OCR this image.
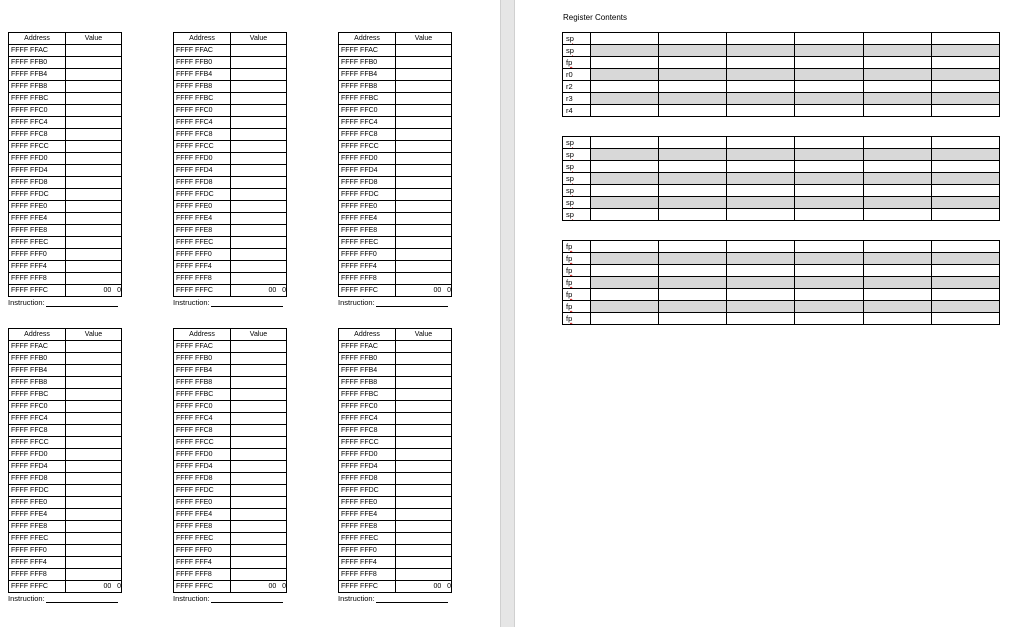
Address	Value
FFFF FFAC	
FFFF FFB0	
FFFF FFB4	
FFFF FFB8	
FFFF FFBC	
FFFF FFC0	
FFFF FFC4	
FFFF FFC8	
FFFF FFCC	
FFFF FFD0	
FFFF FFD4	
FFFF FFD8	
FFFF FFDC	
FFFF FFE0	
FFFF FFE4	
FFFF FFE8	
FFFF FFEC	
FFFF FFF0	
FFFF FFF4	
FFFF FFF8	
FFFF FFFC	00   0
Instruction:
Address	Value
FFFF FFAC	
FFFF FFB0	
FFFF FFB4	
FFFF FFB8	
FFFF FFBC	
FFFF FFC0	
FFFF FFC4	
FFFF FFC8	
FFFF FFCC	
FFFF FFD0	
FFFF FFD4	
FFFF FFD8	
FFFF FFDC	
FFFF FFE0	
FFFF FFE4	
FFFF FFE8	
FFFF FFEC	
FFFF FFF0	
FFFF FFF4	
FFFF FFF8	
FFFF FFFC	00   0
Instruction:
Address	Value
FFFF FFAC	
FFFF FFB0	
FFFF FFB4	
FFFF FFB8	
FFFF FFBC	
FFFF FFC0	
FFFF FFC4	
FFFF FFC8	
FFFF FFCC	
FFFF FFD0	
FFFF FFD4	
FFFF FFD8	
FFFF FFDC	
FFFF FFE0	
FFFF FFE4	
FFFF FFE8	
FFFF FFEC	
FFFF FFF0	
FFFF FFF4	
FFFF FFF8	
FFFF FFFC	00   0
Instruction:
Address	Value
FFFF FFAC	
FFFF FFB0	
FFFF FFB4	
FFFF FFB8	
FFFF FFBC	
FFFF FFC0	
FFFF FFC4	
FFFF FFC8	
FFFF FFCC	
FFFF FFD0	
FFFF FFD4	
FFFF FFD8	
FFFF FFDC	
FFFF FFE0	
FFFF FFE4	
FFFF FFE8	
FFFF FFEC	
FFFF FFF0	
FFFF FFF4	
FFFF FFF8	
FFFF FFFC	00   0
Instruction:
Address	Value
FFFF FFAC	
FFFF FFB0	
FFFF FFB4	
FFFF FFB8	
FFFF FFBC	
FFFF FFC0	
FFFF FFC4	
FFFF FFC8	
FFFF FFCC	
FFFF FFD0	
FFFF FFD4	
FFFF FFD8	
FFFF FFDC	
FFFF FFE0	
FFFF FFE4	
FFFF FFE8	
FFFF FFEC	
FFFF FFF0	
FFFF FFF4	
FFFF FFF8	
FFFF FFFC	00   0
Instruction:
Address	Value
FFFF FFAC	
FFFF FFB0	
FFFF FFB4	
FFFF FFB8	
FFFF FFBC	
FFFF FFC0	
FFFF FFC4	
FFFF FFC8	
FFFF FFCC	
FFFF FFD0	
FFFF FFD4	
FFFF FFD8	
FFFF FFDC	
FFFF FFE0	
FFFF FFE4	
FFFF FFE8	
FFFF FFEC	
FFFF FFF0	
FFFF FFF4	
FFFF FFF8	
FFFF FFFC	00   0
Instruction:
Register Contents
sp						
sp						
fp						
r0						
r2						
r3						
r4						
sp						
sp						
sp						
sp						
sp						
sp						
sp						
fp						
fp						
fp						
fp						
fp						
fp						
fp						
